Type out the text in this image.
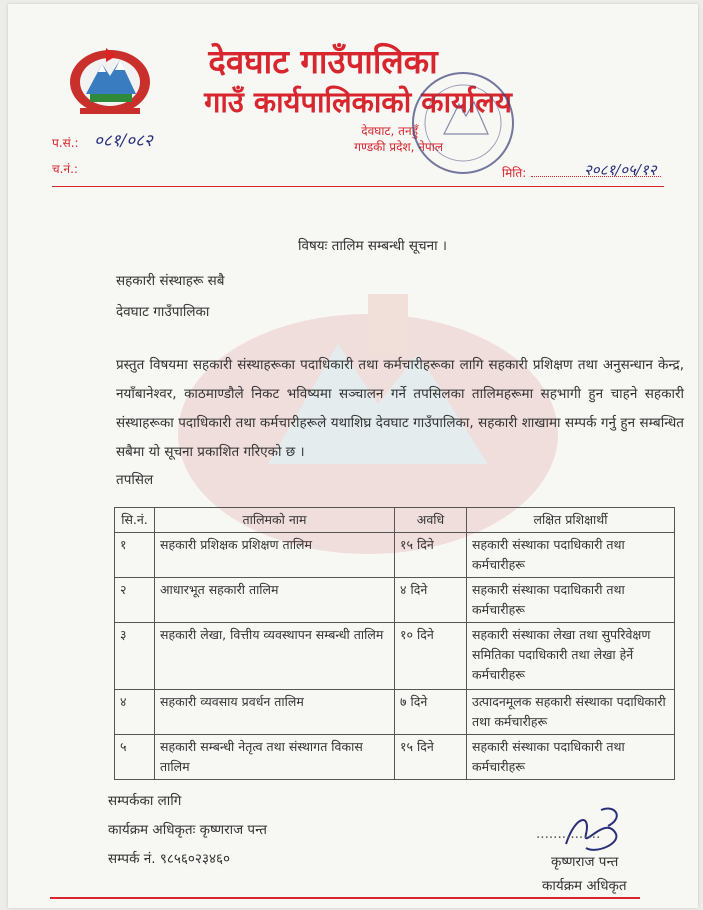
देवघाट गाउँपालिका
गाउँ कार्यपालिकाको कार्यालय
देवघाट, तनहुँ
गण्डकी प्रदेश, नेपाल
प.सं.: ०८१/०८२
च.नं.:	मिति:	२०८१/०५/१२
विषयः तालिम सम्बन्धी सूचना ।
सहकारी संस्थाहरू सबै
देवघाट गाउँपालिका
प्रस्तुत विषयमा सहकारी संस्थाहरूका पदाधिकारी तथा कर्मचारीहरूका लागि सहकारी प्रशिक्षण तथा अनुसन्धान केन्द्र, नयाँबानेश्वर, काठमाण्डौले निकट भविष्यमा सञ्चालन गर्ने तपसिलका तालिमहरूमा सहभागी हुन चाहने सहकारी संस्थाहरूका पदाधिकारी तथा कर्मचारीहरूले यथाशिघ्र देवघाट गाउँपालिका, सहकारी शाखामा सम्पर्क गर्नु हुन सम्बन्धित सबैमा यो सूचना प्रकाशित गरिएको छ ।
तपसिल
सि.नं.	तालिमको नाम	अवधि	लक्षित प्रशिक्षार्थी
१	सहकारी प्रशिक्षक प्रशिक्षण तालिम	१५ दिने	सहकारी संस्थाका पदाधिकारी तथा कर्मचारीहरू
२	आधारभूत सहकारी तालिम	४ दिने	सहकारी संस्थाका पदाधिकारी तथा कर्मचारीहरू
३	सहकारी लेखा, वित्तीय व्यवस्थापन सम्बन्धी तालिम	१० दिने	सहकारी संस्थाका लेखा तथा सुपरिवेक्षण समितिका पदाधिकारी तथा लेखा हेर्ने कर्मचारीहरू
४	सहकारी व्यवसाय प्रवर्धन तालिम	७ दिने	उत्पादनमूलक सहकारी संस्थाका पदाधिकारी तथा कर्मचारीहरू
५	सहकारी सम्बन्धी नेतृत्व तथा संस्थागत विकास तालिम	१५ दिने	सहकारी संस्थाका पदाधिकारी तथा कर्मचारीहरू
सम्पर्कका लागि
कार्यक्रम अधिकृतः कृष्णराज पन्त
सम्पर्क नं. ९८५६०२३४६०
...............
कृष्णराज पन्त
कार्यक्रम अधिकृत
